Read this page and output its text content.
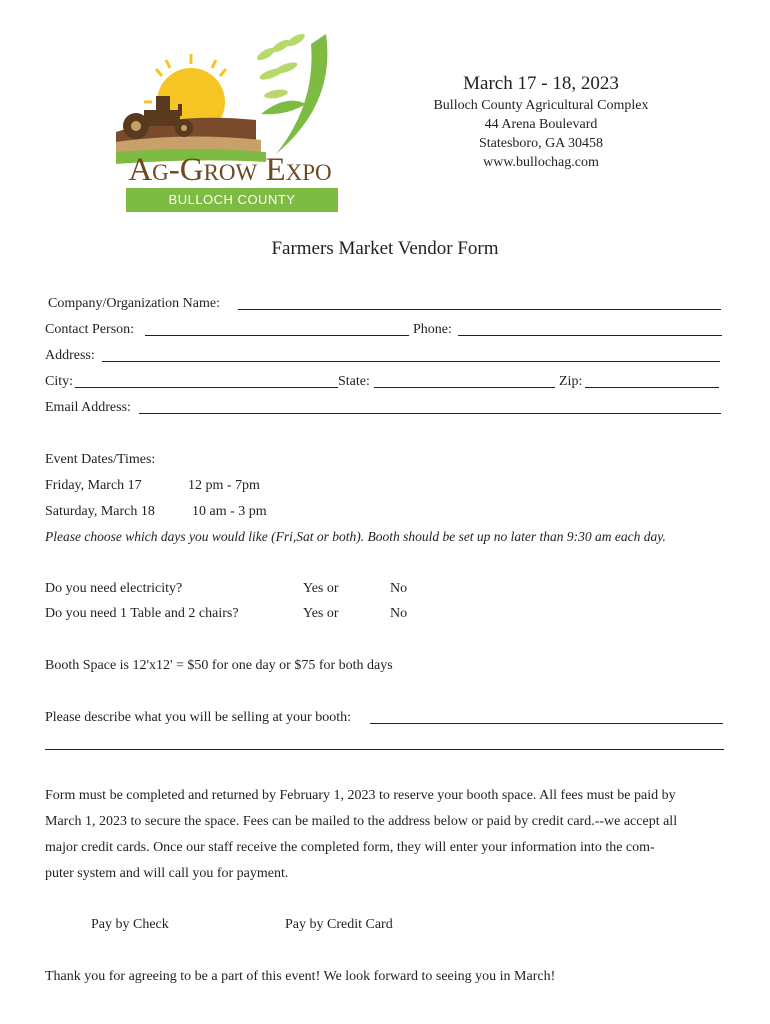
Ag-Grow Expo
BULLOCH COUNTY
March 17 - 18, 2023
Bulloch County Agricultural Complex
44 Arena Boulevard
Statesboro, GA 30458
www.bullochag.com
Farmers Market Vendor Form
Company/Organization Name:
Contact Person:	Phone:
Address:
City:	State:	Zip:
Email Address:
Event Dates/Times:
Friday, March 17	12 pm - 7pm
Saturday, March 18	10 am - 3 pm
Please choose which days you would like (Fri,Sat or both). Booth should be set up no later than 9:30 am each day.
Do you need electricity?	Yes or	No
Do you need 1 Table and 2 chairs?	Yes or	No
Booth Space is 12'x12' = $50 for one day or $75 for both days
Please describe what you will be selling at your booth:
Form must be completed and returned by February 1, 2023 to reserve your booth space. All fees must be paid by
March 1, 2023 to secure the space. Fees can be mailed to the address below or paid by credit card.--we accept all
major credit cards. Once our staff receive the completed form, they will enter your information into the com-
puter system and will call you for payment.
Pay by Check	Pay by Credit Card
Thank you for agreeing to be a part of this event! We look forward to seeing you in March!
